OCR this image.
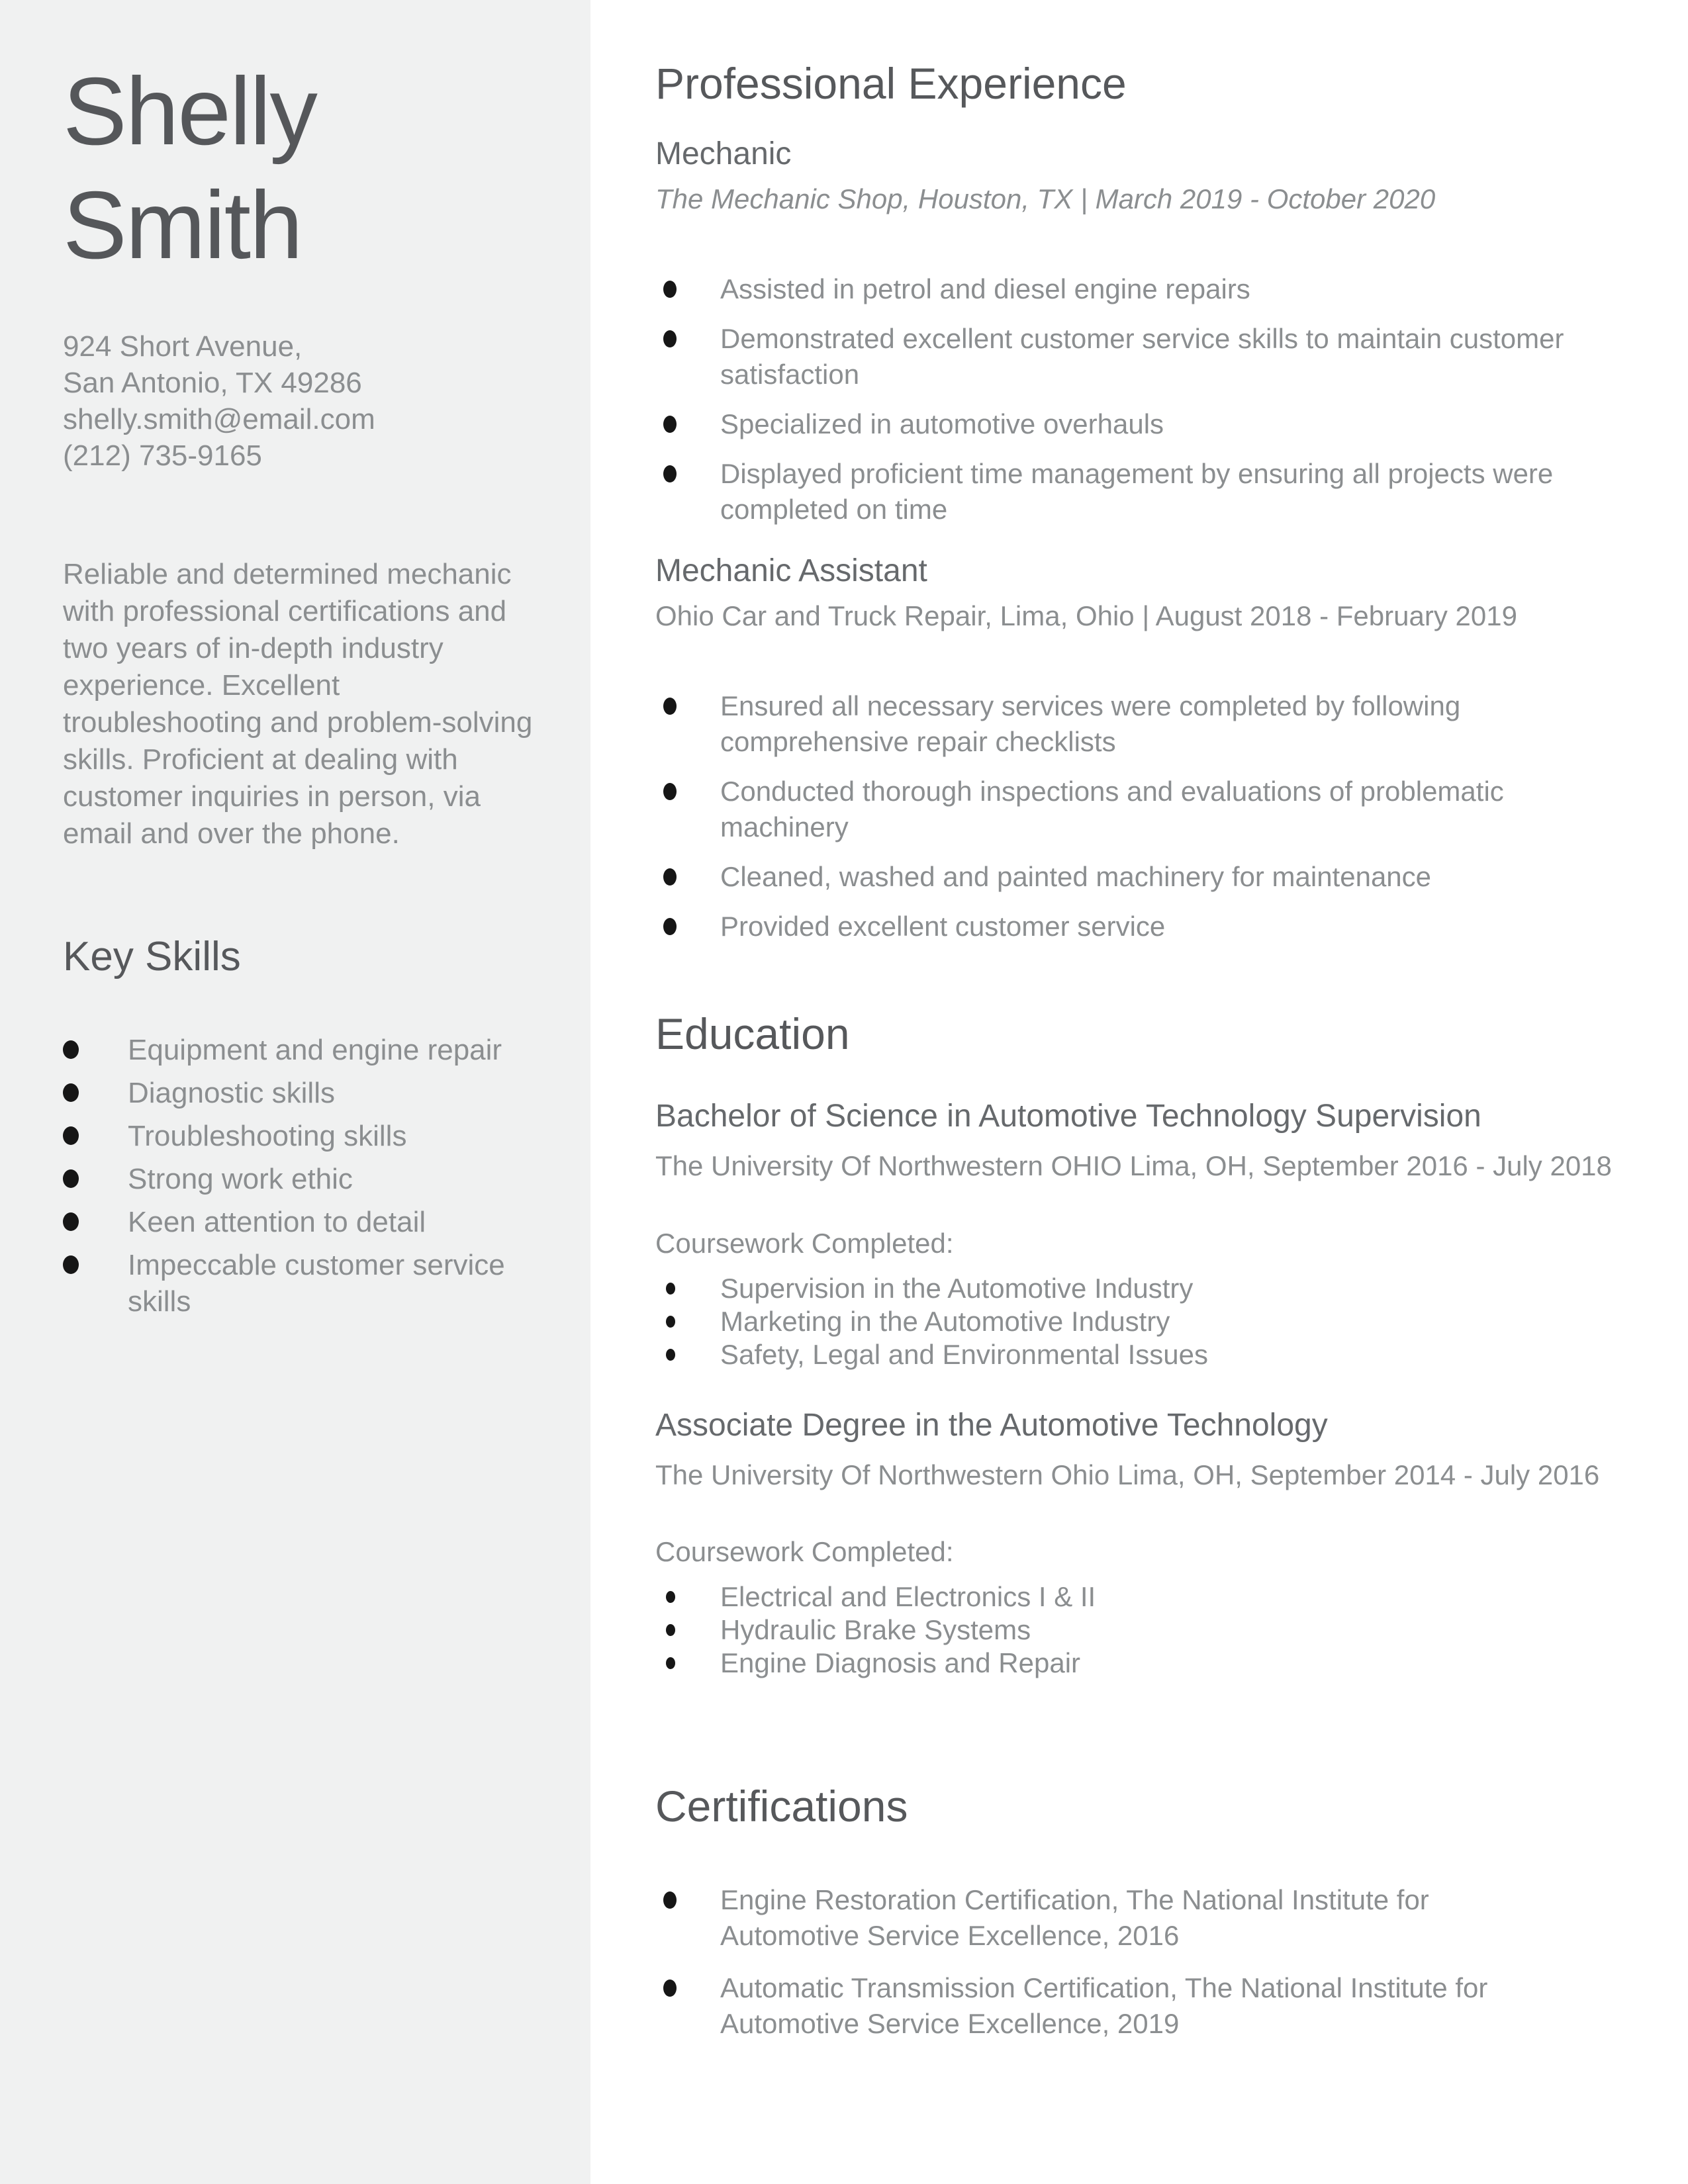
Shelly
Smith
924 Short Avenue,
San Antonio, TX 49286
shelly.smith@email.com
(212) 735-9165

Reliable and determined mechanic
with professional certifications and
two years of in-depth industry
experience. Excellent
troubleshooting and problem-solving
skills. Proficient at dealing with
customer inquiries in person, via
email and over the phone.

Key Skills
Equipment and engine repair
Diagnostic skills
Troubleshooting skills
Strong work ethic
Keen attention to detail
Impeccable customer service skills
Professional Experience
Mechanic
The Mechanic Shop, Houston, TX | March 2019 - October 2020
Assisted in petrol and diesel engine repairs
Demonstrated excellent customer service skills to maintain customer satisfaction
Specialized in automotive overhauls
Displayed proficient time management by ensuring all projects were completed on time
Mechanic Assistant
Ohio Car and Truck Repair, Lima, Ohio | August 2018 - February 2019
Ensured all necessary services were completed by following comprehensive repair checklists
Conducted thorough inspections and evaluations of problematic machinery
Cleaned, washed and painted machinery for maintenance
Provided excellent customer service
Education
Bachelor of Science in Automotive Technology Supervision
The University Of Northwestern OHIO Lima, OH, September 2016 - July 2018
Coursework Completed:
Supervision in the Automotive Industry
Marketing in the Automotive Industry
Safety, Legal and Environmental Issues
Associate Degree in the Automotive Technology
The University Of Northwestern Ohio Lima, OH, September 2014 - July 2016
Coursework Completed:
Electrical and Electronics I & II
Hydraulic Brake Systems
Engine Diagnosis and Repair
Certifications
Engine Restoration Certification, The National Institute for Automotive Service Excellence, 2016
Automatic Transmission Certification, The National Institute for Automotive Service Excellence, 2019
